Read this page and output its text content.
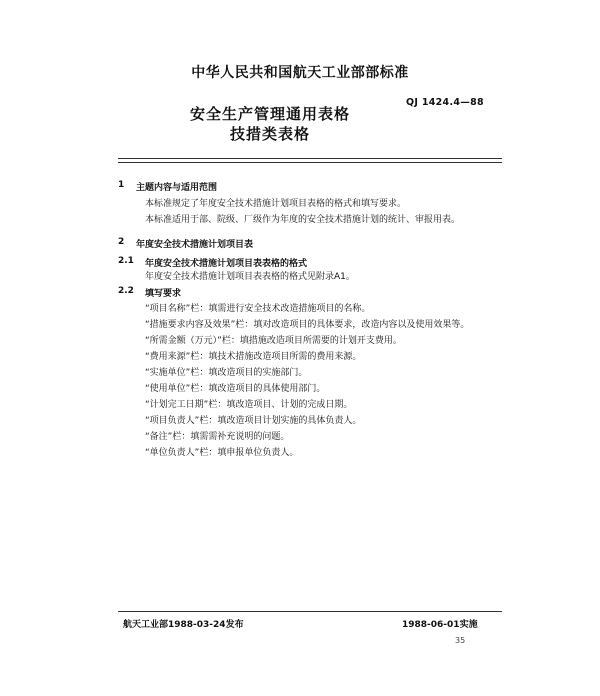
中华人民共和国航天工业部部标准
安全生产管理通用表格
技措类表格
QJ 1424.4—88
1 主题内容与适用范围
本标准规定了年度安全技术措施计划项目表格的格式和填写要求。
本标准适用于部、院级、厂级作为年度的安全技术措施计划的统计、审报用表。
2 年度安全技术措施计划项目表
2.1 年度安全技术措施计划项目表表格的格式
年度安全技术措施计划项目表表格的格式见附录A1。
2.2 填写要求
“项目名称”栏：填需进行安全技术改造措施项目的名称。
“措施要求内容及效果”栏：填对改造项目的具体要求，改造内容以及使用效果等。
“所需金额（万元）”栏：填措施改造项目所需要的计划开支费用。
“费用来源”栏：填技术措施改造项目所需的费用来源。
“实施单位”栏：填改造项目的实施部门。
“使用单位”栏：填改造项目的具体使用部门。
“计划完工日期”栏：填改造项目、计划的完成日期。
“项目负责人”栏：填改造项目计划实施的具体负责人。
“备注”栏：填需需补充说明的问题。
“单位负责人”栏：填申报单位负责人。
航天工业部1988-03-24发布	1988-06-01实施
35
